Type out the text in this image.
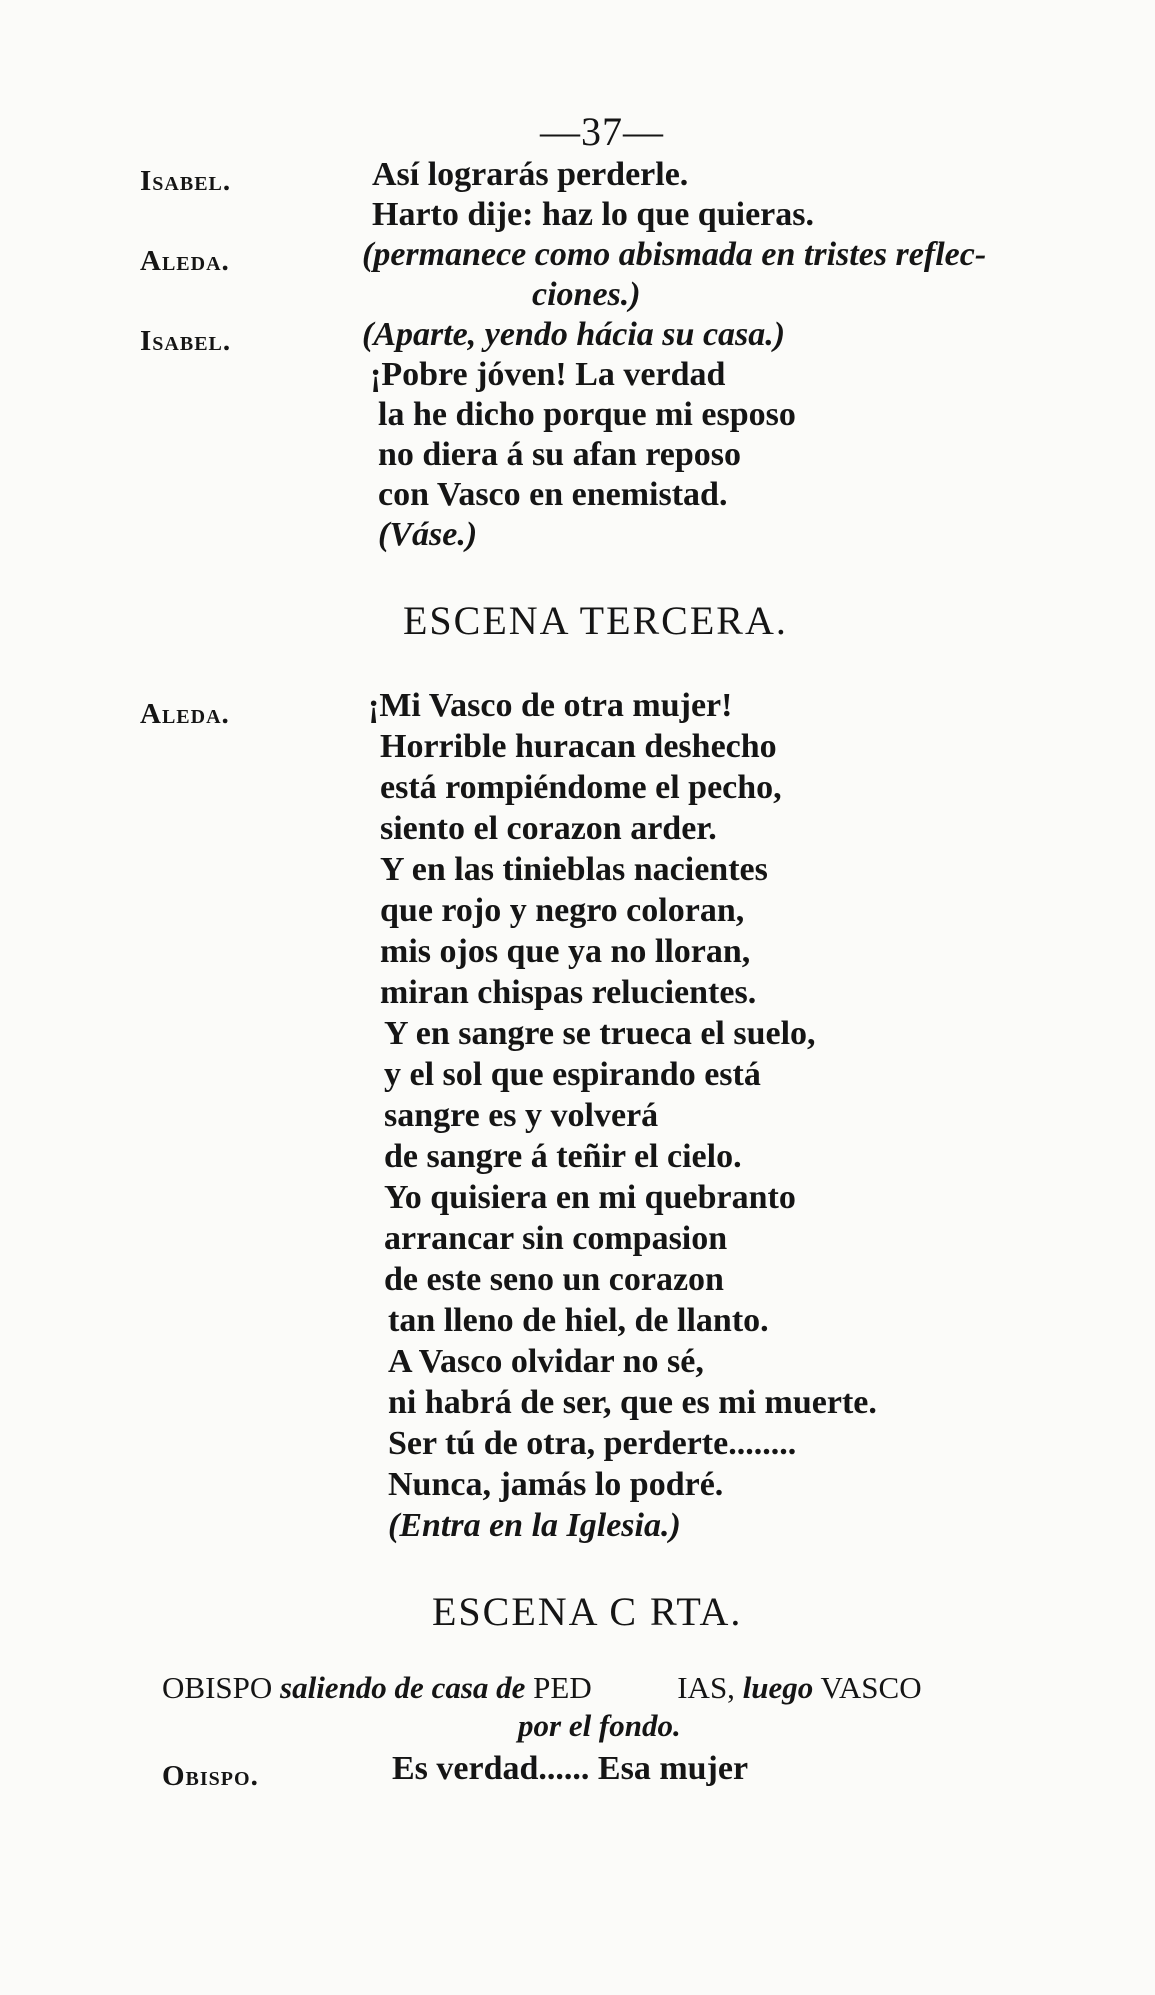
—37—
Isabel.
Aleda.
Isabel.
Así lograrás perderle.
Harto dije: haz lo que quieras.
(permanece como abismada en tristes reflec-
ciones.)
(Aparte, yendo hácia su casa.)
¡Pobre jóven! La verdad
la he dicho porque mi esposo
no diera á su afan reposo
con Vasco en enemistad.
(Váse.)
ESCENA TERCERA.
Aleda.	¡Mi Vasco de otra mujer!
Horrible huracan deshecho
está rompiéndome el pecho,
siento el corazon arder.
Y en las tinieblas nacientes
que rojo y negro coloran,
mis ojos que ya no lloran,
miran chispas relucientes.
Y en sangre se trueca el suelo,
y el sol que espirando está
sangre es y volverá
de sangre á teñir el cielo.
Yo quisiera en mi quebranto
arrancar sin compasion
de este seno un corazon
tan lleno de hiel, de llanto.
A Vasco olvidar no sé,
ni habrá de ser, que es mi muerte.
Ser tú de otra, perderte........
Nunca, jamás lo podré.
(Entra en la Iglesia.)
ESCENA C RTA.
OBISPO saliendo de casa de PED	IAS, luego VASCO
por el fondo.
Obispo.	Es verdad...... Esa mujer
